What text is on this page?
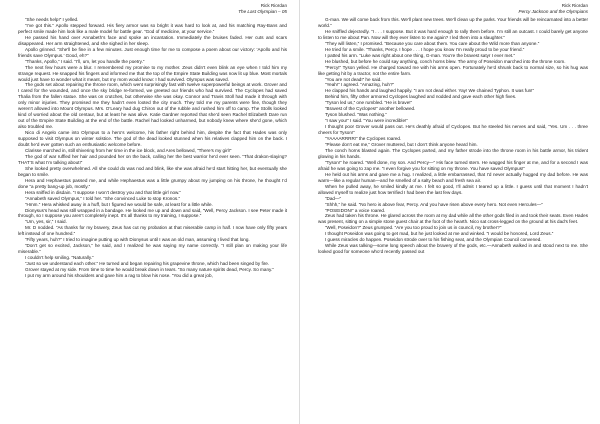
Rick Riordan
The Last Olympian – 05

“She needs help!” I yelled.

“I’ve got this.” Apollo stepped forward. His fiery armor was so bright it was hard to look at, and his matching Ray-Bans and perfect smile made him look like a male model for battle gear. “God of medicine, at your service.”

He passed his hand over Annabeth’s face and spoke an incantation. Immediately the bruises faded. Her cuts and scars disappeared. Her arm straightened, and she sighed in her sleep.

Apollo grinned. “She’ll be fine in a few minutes. Just enough time for me to compose a poem about our victory: ‘Apollo and his friends save Olympus.’ Good, eh?”

“Thanks, Apollo,” I said. “I’ll, um, let you handle the poetry.”

The next few hours were a blur. I remembered my promise to my mother. Zeus didn’t even blink an eye when I told him my strange request. He snapped his fingers and informed me that the top of the Empire State Building was now lit up blue. Most mortals would just have to wonder what it meant, but my mom would know: I had survived. Olympus was saved.

The gods set about repairing the throne room, which went surprisingly fast with twelve superpowerful beings at work. Grover and I cared for the wounded, and once the sky bridge re-formed, we greeted our friends who had survived. The Cyclopes had saved Thalia from the fallen statue. She was on crutches, but otherwise she was okay. Connor and Travis Stoll had made it through with only minor injuries. They promised me they hadn’t even looted the city much. They told me my parents were fine, though they weren’t allowed into Mount Olympus. Mrs. O’Leary had dug Chiron out of the rubble and rushed him off to camp. The Stolls looked kind of worried about the old centaur, but at least he was alive. Katie Gardner reported that she’d seen Rachel Elizabeth Dare run out of the Empire State Building at the end of the battle. Rachel had looked unharmed, but nobody knew where she’d gone, which also troubled me.

Nico di Angelo came into Olympus to a hero’s welcome, his father right behind him, despite the fact that Hades was only supposed to visit Olympus on winter solstice. The god of the dead looked stunned when his relatives clapped him on the back. I doubt he’d ever gotten such an enthusiastic welcome before.

Clarisse marched in, still shivering from her time in the ice block, and Ares bellowed, “There’s my girl!”

The god of war ruffled her hair and pounded her on the back, calling her the best warrior he’d ever seen. “That drakon-slaying? THAT’S what I’m talking about!”

She looked pretty overwhelmed. All she could do was nod and blink, like she was afraid he’d start hitting her, but eventually she began to smile.

Hera and Hephaestus passed me, and while Hephaestus was a little grumpy about my jumping on his throne, he thought I’d done “a pretty bang-up job, mostly.”

Hera sniffed in disdain. “I suppose I won’t destroy you and that little girl now.”

“Annabeth saved Olympus,” I told her. “She convinced Luke to stop Kronos.”

“Hmm.” Hera whisked away in a huff, but I figured we would be safe, at least for a little while.

Dionysus’s head was still wrapped in a bandage. He looked me up and down and said, “Well, Percy Jackson. I see Peter made it through, so I suppose you aren’t completely inept. It’s all thanks to my training, I suppose.”

“Um, yes, sir,” I said.

Mr. D nodded. “As thanks for my bravery, Zeus has cut my probation at that miserable camp in half. I now have only fifty years left instead of one hundred.”

“Fifty years, huh?” I tried to imagine putting up with Dionysus until I was an old man, assuming I lived that long.

“Don’t get so excited, Jackson,” he said, and I realized he was saying my name correctly. “I still plan on making your life miserable.”

I couldn’t help smiling. “Naturally.”

“Just so we understand each other.” He turned and began repairing his grapevine throne, which had been singed by fire.

Grover stayed at my side. From time to time he would break down in tears. “So many nature spirits dead, Percy. So many.”

I put my arm around his shoulders and gave him a rag to blow his nose. “You did a great job,

Rick Riordan
Percy Jackson and the Olympians

G-man. We will come back from this. We’ll plant new trees. We’ll clean up the parks. Your friends will be reincarnated into a better world.”

He sniffled dejectedly. “I . . . I suppose. But it was hard enough to rally them before. I’m still an outcast. I could barely get anyone to listen to me about Pan. Now will they ever listen to me again? I led them into a slaughter.”

“They will listen,” I promised. “Because you care about them. You care about the Wild more than anyone.”

He tried for a smile. “Thanks, Percy. I hope . . . I hope you know I’m really proud to be your friend.”

I patted his arm. “Luke was right about one thing, G-man. You’re the bravest satyr I ever met.”

He blushed, but before he could say anything, conch horns blew. The army of Poseidon marched into the throne room.

“Percy!” Tyson yelled. He charged toward me with his arms open. Fortunately he’d shrunk back to normal size, so his hug was like getting hit by a tractor, not the entire farm.

“You are not dead!” he said.

“Yeah!” I agreed. “Amazing, huh?”

He clapped his hands and laughed happily. “I am not dead either. Yay! We chained Typhon. It was fun!”

Behind him, fifty other armored Cyclopes laughed and nodded and gave each other high fives.

“Tyson led us,” one rumbled. “He is brave!”

“Bravest of the Cyclopes!” another bellowed.

Tyson blushed. “Was nothing.”

“I saw you!” I said. “You were incredible!”

I thought poor Grover would pass out. He’s deathly afraid of Cyclopes. But he steeled his nerves and said, “Yes. Um . . . three cheers for Tyson!”

“YAAAARRRR!” the Cyclopes roared.

“Please don’t eat me,” Grover muttered, but I don’t think anyone heard him.

The conch horns blasted again. The Cyclopes parted, and my father strode into the throne room in his battle armor, his trident glowing in his hands.

“Tyson!” he roared. “Well done, my son. And Percy—” His face turned stern. He wagged his finger at me, and for a second I was afraid he was going to zap me. “I even forgive you for sitting on my throne. You have saved Olympus!”

He held out his arms and gave me a hug. I realized, a little embarrassed, that I’d never actually hugged my dad before. He was warm—like a regular human—and he smelled of a salty beach and fresh sea air.

When he pulled away, he smiled kindly at me. I felt so good, I’ll admit I teared up a little. I guess until that moment I hadn’t allowed myself to realize just how terrified I had been the last few days.

“Dad—”

“Shhh,” he said. “No hero is above fear, Percy. And you have risen above every hero. Not even Hercules—”

“POSEIDON!” a voice roared.

Zeus had taken his throne. He glared across the room at my dad while all the other gods filed in and took their seats. Even Hades was present, sitting on a simple stone guest chair at the foot of the hearth. Nico sat cross-legged on the ground at his dad’s feet.

“Well, Poseidon?” Zeus grumped. “Are you too proud to join us in council, my brother?”

I thought Poseidon was going to get mad, but he just looked at me and winked. “I would be honored, Lord Zeus.”

I guess miracles do happen. Poseidon strode over to his fishing seat, and the Olympian Council convened.

While Zeus was talking—some long speech about the bravery of the gods, etc.—Annabeth walked in and stood next to me. She looked good for someone who’d recently passed out
